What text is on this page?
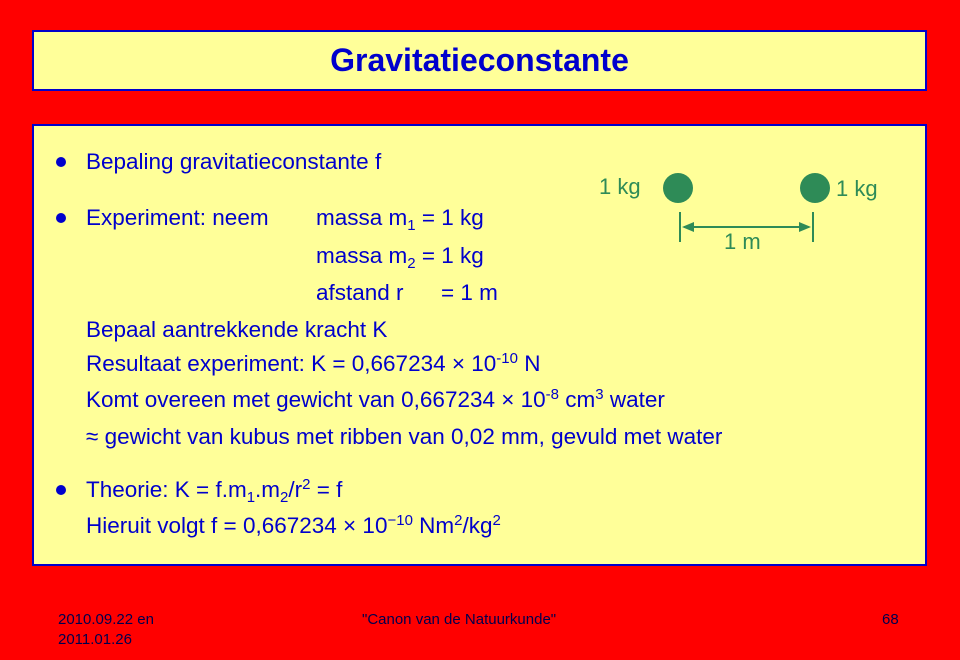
Gravitatieconstante
Bepaling gravitatieconstante f
Experiment: neem massa $m_1 = 1$ kg
massa $m_2 = 1$ kg
afstand r = 1 m
Bepaal aantrekkende kracht K
Resultaat experiment: $K = 0,667234 \times 10^{-10}$ N
Komt overeen met gewicht van $0,667234 \times 10^{-8}$ $cm^3$ water
≈ gewicht van kubus met ribben van 0,02 mm, gevuld met water
Theorie: $K = f.m_1.m_2/r^2 = f$
Hieruit volgt $f = 0,667234 \times 10^{-10}$ $Nm^2/kg^2$
1 kg	1 kg
1 m
2010.09.22 en
2011.01.26
"Canon van de Natuurkunde"	68
